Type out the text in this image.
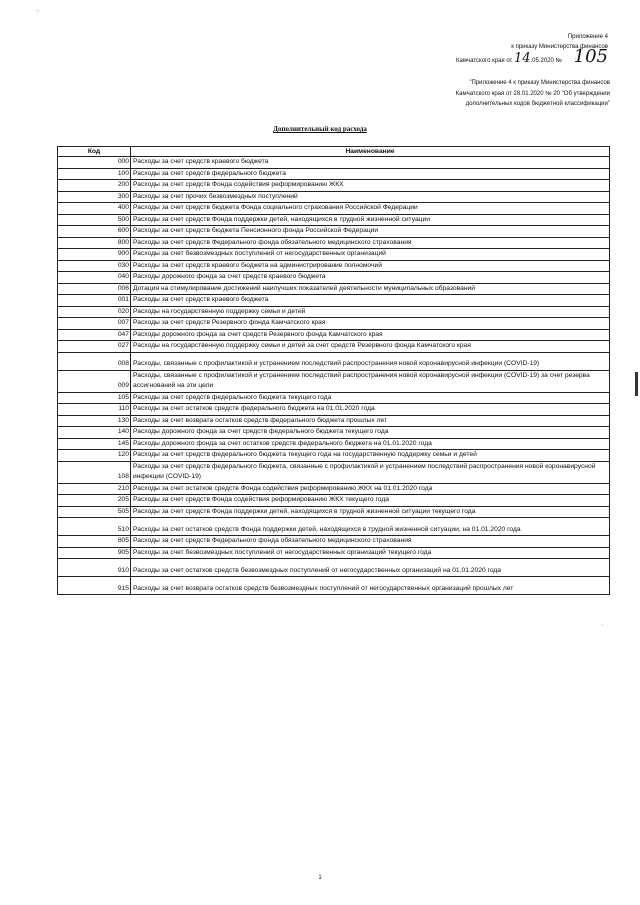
:·
Приложение 4
к приказу Министерства финансов
Камчатского края от 14.05.2020 № 105
"Приложение 4 к приказу Министерства финансов
Камчатского края от 28.01.2020 № 20 "Об утверждении
дополнительных кодов бюджетной классификации"
Дополнительный код расхода
Код	Наименование
000	Расходы за счет средств краевого бюджета
100	Расходы за счет средств федерального бюджета
200	Расходы за счет средств Фонда содействия реформированию ЖКХ
300	Расходы за счет прочих безвозмездных поступлений
400	Расходы за счет средств бюджета Фонда социального страхования Российской Федерации
500	Расходы за счет средств Фонда поддержки детей, находящихся в трудной жизненной ситуации
600	Расходы за счет средств бюджета Пенсионного фонда Российской Федерации
800	Расходы за счет средств Федерального фонда обязательного медицинского страхования
900	Расходы за счет безвозмездных поступлений от негосударственных организаций
030	Расходы за счет средств краевого бюджета на администрирование полномочий
040	Расходы дорожного фонда за счет средств краевого бюджета
006	Дотация на стимулирование достижений наилучших показателей деятельности муниципальных образований
001	Расходы за счет средств краевого бюджета
020	Расходы на государственную поддержку семьи и детей
007	Расходы за счет средств Резервного фонда Камчатского края
047	Расходы дорожного фонда за счет средств Резервного фонда Камчатского края
027	Расходы на государственную поддержку семьи и детей за счет средств Резервного фонда Камчатского края
008	Расходы, связанные с профилактикой и устранением последствий распространения новой коронавирусной инфекции (COVID-19)
009	Расходы, связанные с профилактикой и устранением последствий распространения новой коронавирусной инфекции (COVID-19) за счет резерва ассигнований на эти цели
105	Расходы за счет средств федерального бюджета текущего года
110	Расходы за счет остатков средств федерального бюджета на 01.01.2020 года
130	Расходы за счет возврата остатков средств федерального бюджета прошлых лет
140	Расходы дорожного фонда за счет средств федерального бюджета текущего года
145	Расходы дорожного фонда за счет остатков средств федерального бюджета на 01.01.2020 года
120	Расходы за счет средств федерального бюджета текущего года на государственную поддержку семьи и детей
108	Расходы за счет средств федерального бюджета, связанные с профилактикой и устранением последствий распространения новой коронавирусной инфекции (COVID-19)
210	Расходы за счет остатков средств Фонда содействия реформированию ЖКХ на 01.01.2020 года
205	Расходы за счет средств Фонда содействия реформированию ЖКХ текущего года
505	Расходы за счет средств Фонда поддержки детей, находящихся в трудной жизненной ситуации текущего года
510	Расходы за счет остатков средств Фонда поддержки детей, находящихся в трудной жизненной ситуации, на 01.01.2020 года
805	Расходы за счет средств Федерального фонда обязательного медицинского страхования
905	Расходы за счет безвозмездных поступлений от негосударственных организаций текущего года
910	Расходы за счет остатков средств безвозмездных поступлений от негосударственных организаций на 01.01.2020 года
915	Расходы за счет возврата остатков средств безвозмездных поступлений от негосударственных организаций прошлых лет
·
1
